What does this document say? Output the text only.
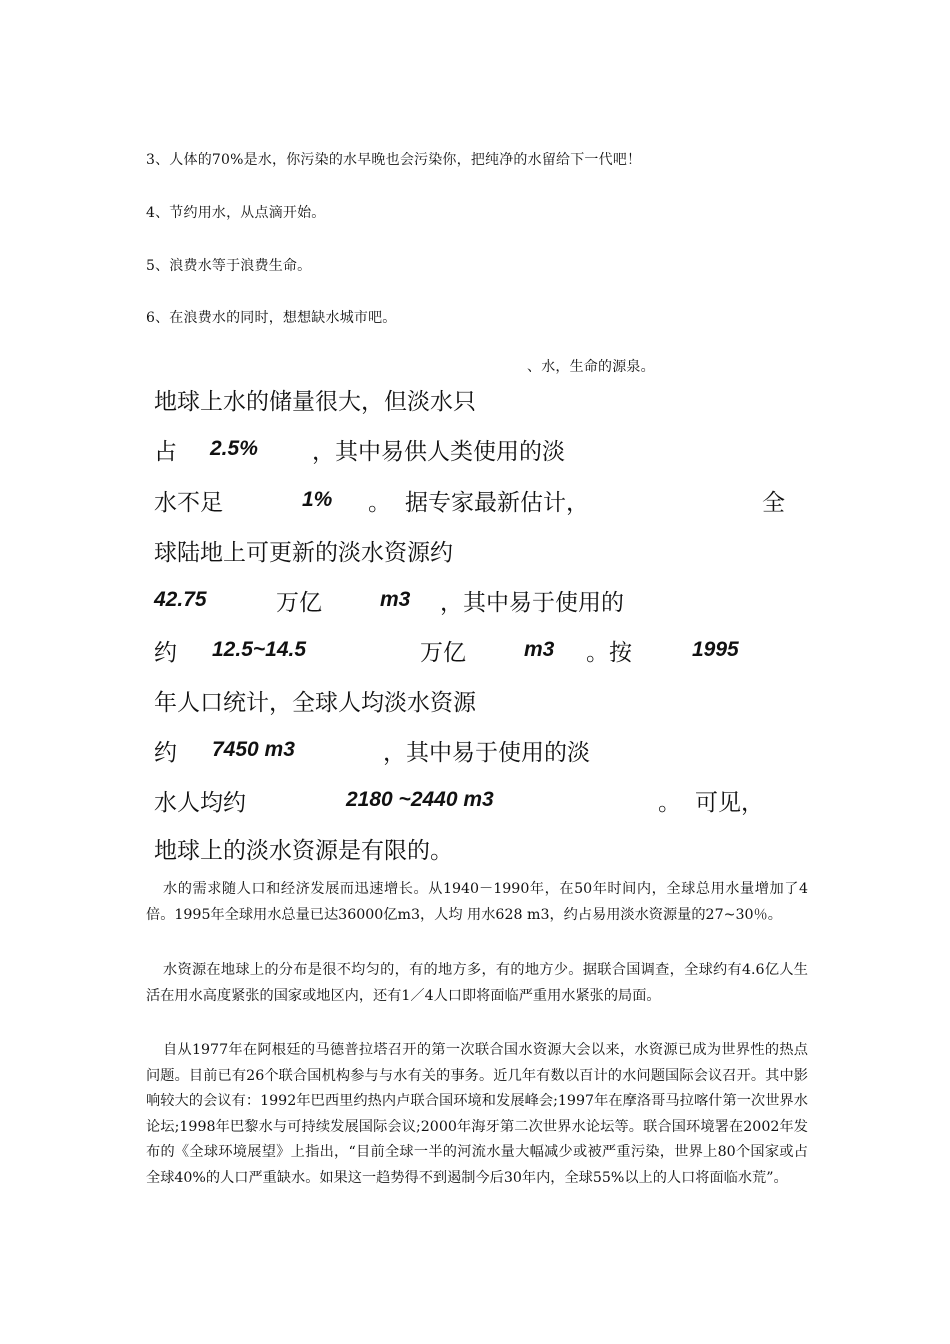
3、人体的70%是水，你污染的水早晚也会污染你，把纯净的水留给下一代吧！
4、节约用水，从点滴开始。
5、浪费水等于浪费生命。
6、在浪费水的同时，想想缺水城市吧。
、水，生命的源泉。
地球上水的储量很大，但淡水只
占 2.5% ，其中易供人类使用的淡
水不足	1% 。 据专家最新估计，	全
球陆地上可更新的淡水资源约
42.75	万亿	m3 ，其中易于使用的
约 12.5~14.5	万亿	m3 。按	1995
年人口统计，全球人均淡水资源
约 7450 m3	，其中易于使用的淡
水人均约	2180 ~2440 m3	。 可见，
地球上的淡水资源是有限的。

水的需求随人口和经济发展而迅速增长。从1940－1990年，在50年时间内，全球总用水量增加了4倍。1995年全球用水总量已达36000亿m3，人均 用水628 m3，约占易用淡水资源量的27~30％。

水资源在地球上的分布是很不均匀的，有的地方多，有的地方少。据联合国调查，全球约有4.6亿人生活在用水高度紧张的国家或地区内，还有1／4人口即将面临严重用水紧张的局面。

自从1977年在阿根廷的马德普拉塔召开的第一次联合国水资源大会以来，水资源已成为世界性的热点问题。目前已有26个联合国机构参与与水有关的事务。近几年有数以百计的水问题国际会议召开。其中影响较大的会议有：1992年巴西里约热内卢联合国环境和发展峰会;1997年在摩洛哥马拉喀什第一次世界水论坛;1998年巴黎水与可持续发展国际会议;2000年海牙第二次世界水论坛等。联合国环境署在2002年发布的《全球环境展望》上指出，“目前全球一半的河流水量大幅减少或被严重污染，世界上80个国家或占全球40%的人口严重缺水。如果这一趋势得不到遏制今后30年内，全球55%以上的人口将面临水荒”。
